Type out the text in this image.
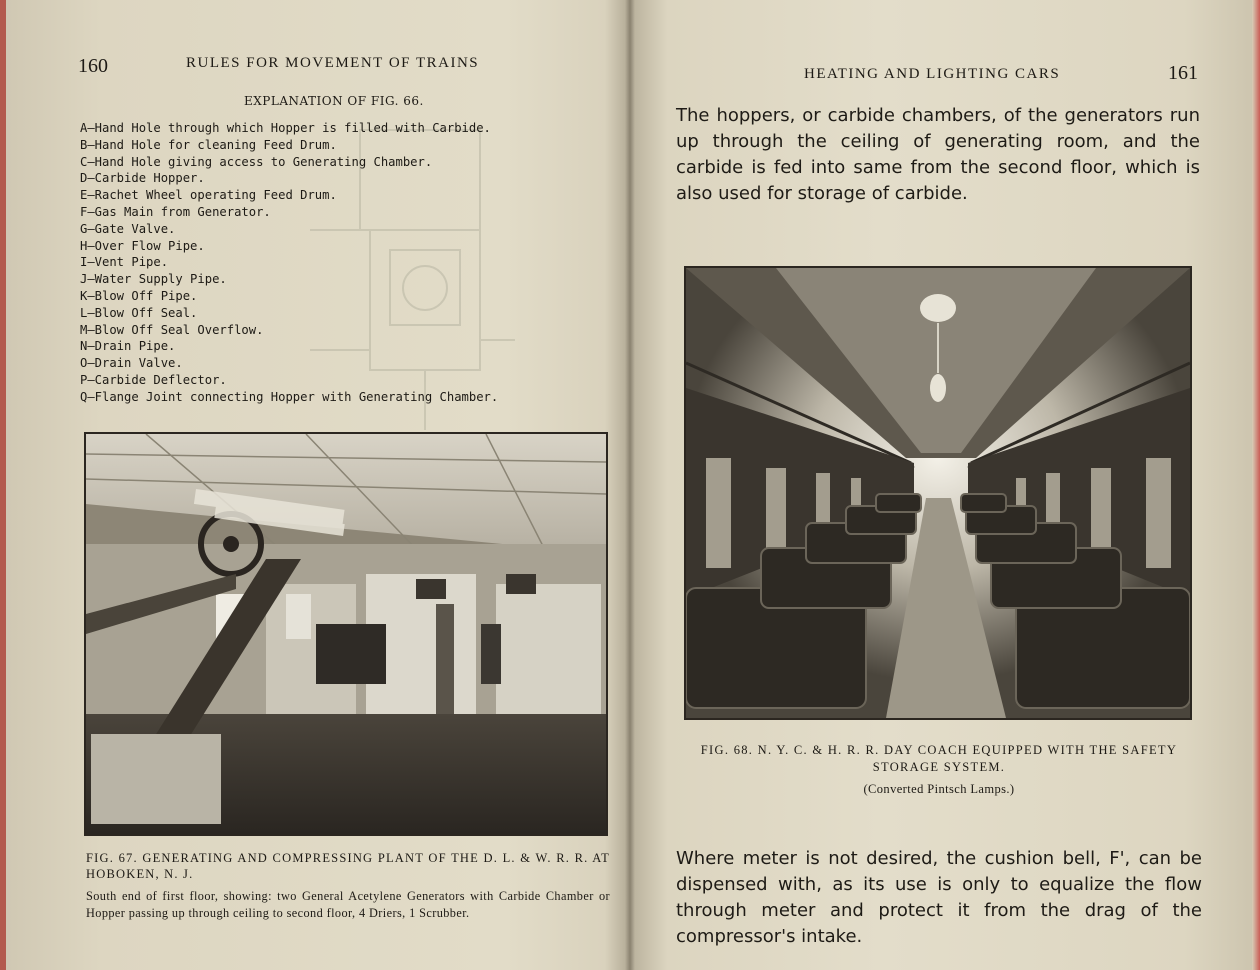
160	RULES FOR MOVEMENT OF TRAINS
EXPLANATION OF FIG. 66.
A—Hand Hole through which Hopper is filled with Carbide.
B—Hand Hole for cleaning Feed Drum.
C—Hand Hole giving access to Generating Chamber.
D—Carbide Hopper.
E—Rachet Wheel operating Feed Drum.
F—Gas Main from Generator.
G—Gate Valve.
H—Over Flow Pipe.
I—Vent Pipe.
J—Water Supply Pipe.
K—Blow Off Pipe.
L—Blow Off Seal.
M—Blow Off Seal Overflow.
N—Drain Pipe.
O—Drain Valve.
P—Carbide Deflector.
Q—Flange Joint connecting Hopper with Generating Chamber.
FIG. 67. GENERATING AND COMPRESSING PLANT OF THE D. L. & W. R. R. AT HOBOKEN, N. J.
South end of first floor, showing: two General Acetylene Generators with Carbide Chamber or Hopper passing up through ceiling to second floor, 4 Driers, 1 Scrubber.
HEATING AND LIGHTING CARS	161
The hoppers, or carbide chambers, of the generators run up through the ceiling of generating room, and the carbide is fed into same from the second floor, which is also used for storage of carbide.
FIG. 68. N. Y. C. & H. R. R. DAY COACH EQUIPPED WITH THE SAFETY STORAGE SYSTEM.
(Converted Pintsch Lamps.)
Where meter is not desired, the cushion bell, F', can be dispensed with, as its use is only to equalize the flow through meter and protect it from the drag of the compressor's intake.
